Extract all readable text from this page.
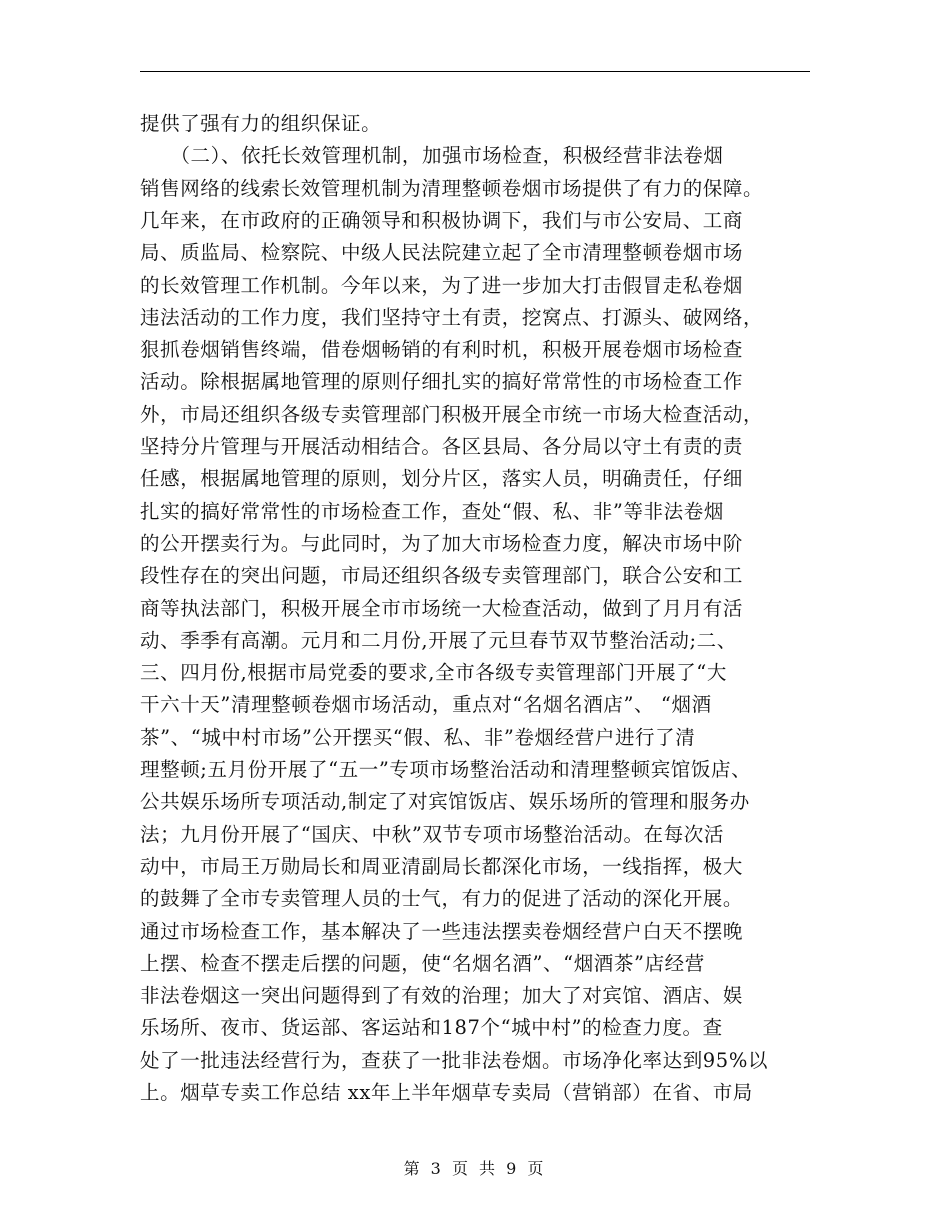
提供了强有力的组织保证。
　　（二）、依托长效管理机制，加强市场检查，积极经营非法卷烟
销售网络的线索长效管理机制为清理整顿卷烟市场提供了有力的保障。
几年来，在市政府的正确领导和积极协调下，我们与市公安局、工商
局、质监局、检察院、中级人民法院建立起了全市清理整顿卷烟市场
的长效管理工作机制。今年以来，为了进一步加大打击假冒走私卷烟
违法活动的工作力度，我们坚持守土有责，挖窝点、打源头、破网络，
狠抓卷烟销售终端，借卷烟畅销的有利时机，积极开展卷烟市场检查
活动。除根据属地管理的原则仔细扎实的搞好常常性的市场检查工作
外，市局还组织各级专卖管理部门积极开展全市统一市场大检查活动，
坚持分片管理与开展活动相结合。各区县局、各分局以守土有责的责
任感，根据属地管理的原则，划分片区，落实人员，明确责任，仔细
扎实的搞好常常性的市场检查工作，查处“假、私、非”等非法卷烟
的公开摆卖行为。与此同时，为了加大市场检查力度，解决市场中阶
段性存在的突出问题，市局还组织各级专卖管理部门，联合公安和工
商等执法部门，积极开展全市市场统一大检查活动，做到了月月有活
动、季季有高潮。元月和二月份,开展了元旦春节双节整治活动;二、
三、四月份,根据市局党委的要求,全市各级专卖管理部门开展了“大
干六十天”清理整顿卷烟市场活动，重点对“名烟名酒店”、 “烟酒
茶”、“城中村市场”公开摆买“假、私、非”卷烟经营户进行了清
理整顿;五月份开展了“五一”专项市场整治活动和清理整顿宾馆饭店、
公共娱乐场所专项活动,制定了对宾馆饭店、娱乐场所的管理和服务办
法；九月份开展了“国庆、中秋”双节专项市场整治活动。在每次活
动中，市局王万勋局长和周亚清副局长都深化市场，一线指挥，极大
的鼓舞了全市专卖管理人员的士气，有力的促进了活动的深化开展。
通过市场检查工作，基本解决了一些违法摆卖卷烟经营户白天不摆晚
上摆、检查不摆走后摆的问题，使“名烟名酒”、“烟酒茶”店经营
非法卷烟这一突出问题得到了有效的治理；加大了对宾馆、酒店、娱
乐场所、夜市、货运部、客运站和187个“城中村”的检查力度。查
处了一批违法经营行为，查获了一批非法卷烟。市场净化率达到95%以
上。烟草专卖工作总结 xx年上半年烟草专卖局（营销部）在省、市局
第 3 页 共 9 页
